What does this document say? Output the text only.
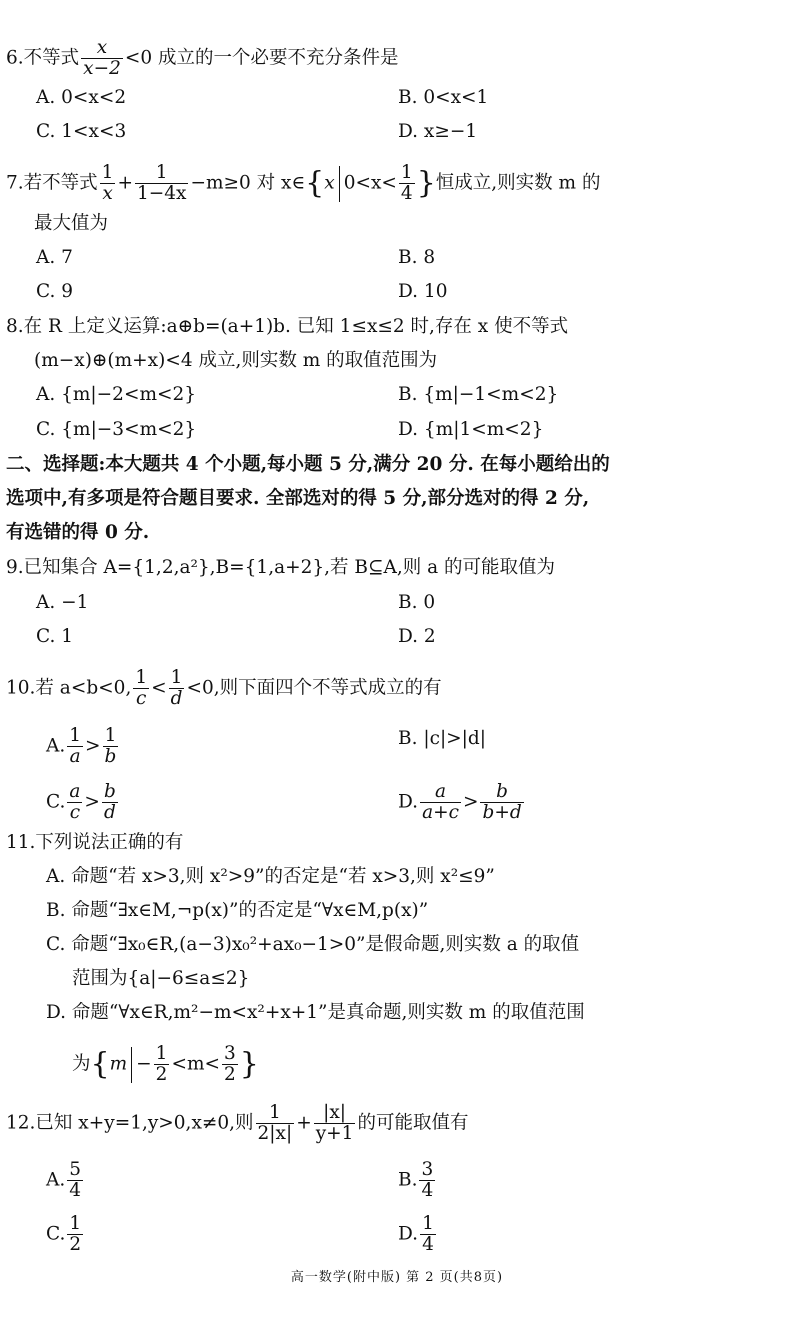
6.不等式 $\frac{x}{x-2} <0$ 成立的一个必要不充分条件是
A. 0<x<2	B. 0<x<1
C. 1<x<3	D. x≥−1
7.若不等式 $\frac{1}{x} + \frac{1}{1-4x} -m\ge 0$ 对 x∈{x $0<x< \frac{1}{4}$ }恒成立,则实数 m 的
最大值为
A. 7	B. 8
C. 9	D. 10
8.在 R 上定义运算:a⊕b=(a+1)b. 已知 1≤x≤2 时,存在 x 使不等式
(m−x)⊕(m+x)<4 成立,则实数 m 的取值范围为
A. {m|−2<m<2}	B. {m|−1<m<2}
C. {m|−3<m<2}	D. {m|1<m<2}
二、选择题:本大题共 4 个小题,每小题 5 分,满分 20 分. 在每小题给出的
选项中,有多项是符合题目要求. 全部选对的得 5 分,部分选对的得 2 分,
有选错的得 0 分.
9.已知集合 A={1,2,a²},B={1,a+2},若 B⊆A,则 a 的可能取值为
A. −1	B. 0
C. 1	D. 2
10.若 a<b<0, $\frac{1}{c} < \frac{1}{d} <0$,则下面四个不等式成立的有
A. $\frac{1}{a} > \frac{1}{b}$	B. |c|>|d|
C. $\frac{a}{c} > \frac{b}{d}$	D. $\frac{a}{a+c} > \frac{b}{b+d}$
11.下列说法正确的有
A. 命题“若 x>3,则 x²>9”的否定是“若 x>3,则 x²≤9”
B. 命题“∃x∈M,¬p(x)”的否定是“∀x∈M,p(x)”
C. 命题“∃x₀∈R,(a−3)x₀²+ax₀−1>0”是假命题,则实数 a 的取值
范围为{a|−6≤a≤2}
D. 命题“∀x∈R,m²−m<x²+x+1”是真命题,则实数 m 的取值范围
为{$m - \frac{1}{2} <m< \frac{3}{2}$ }
12.已知 x+y=1,y>0,x≠0,则 $\frac{1}{2|x|} + \frac{|x|}{y+1}$ 的可能取值有
A. $\frac{5}{4}$	B. $\frac{3}{4}$
C. $\frac{1}{2}$	D. $\frac{1}{4}$
高一数学(附中版) 第 2 页(共8页)
